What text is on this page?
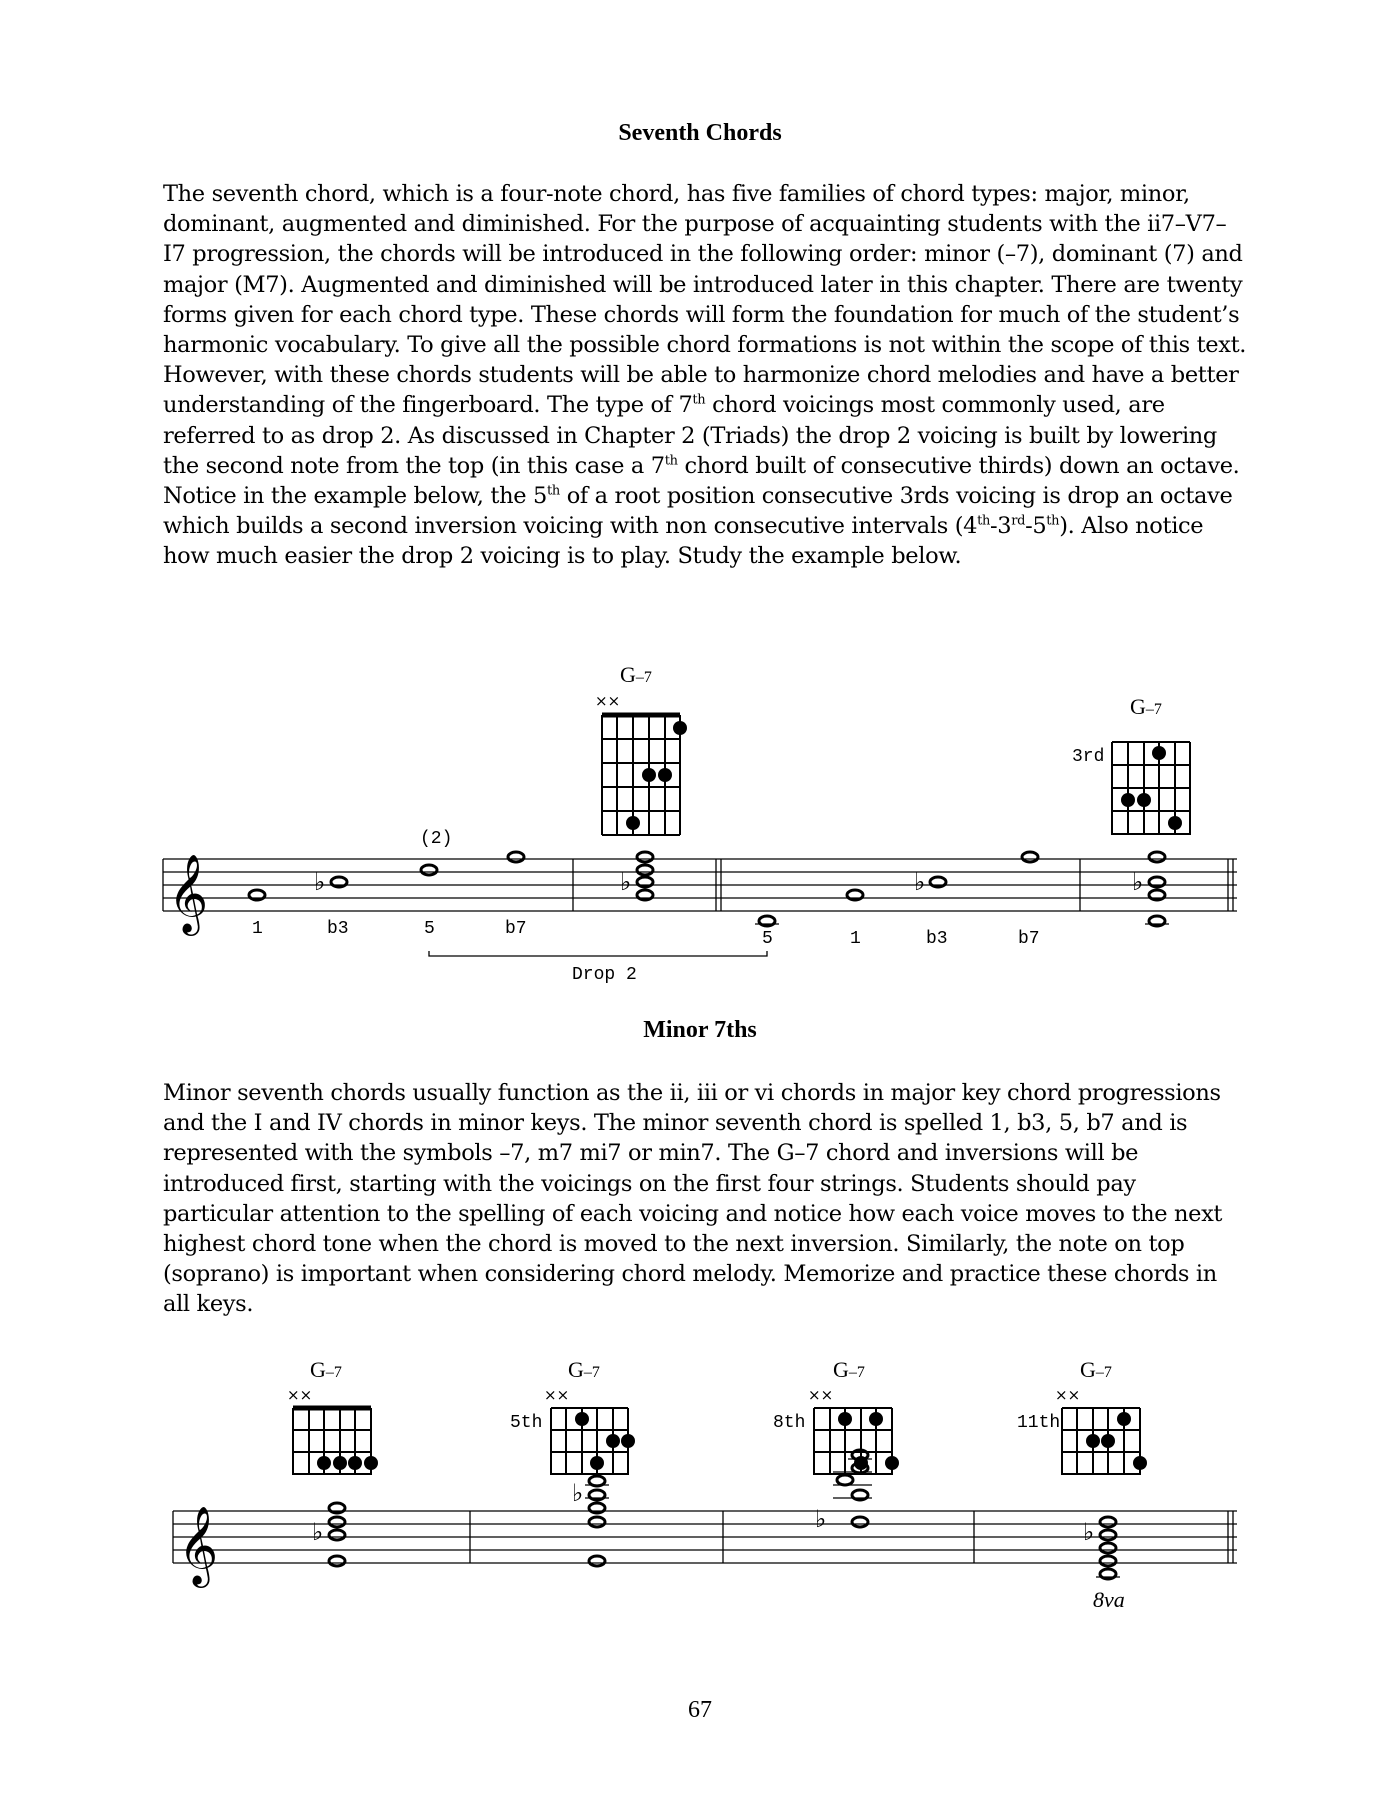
Seventh Chords

The seventh chord, which is a four-note chord, has five families of chord types: major, minor, dominant, augmented and diminished. For the purpose of acquainting students with the ii7–V7–I7 progression, the chords will be introduced in the following order: minor (–7), dominant (7) and major (M7). Augmented and diminished will be introduced later in this chapter. There are twenty forms given for each chord type. These chords will form the foundation for much of the student’s harmonic vocabulary. To give all the possible chord formations is not within the scope of this text. However, with these chords students will be able to harmonize chord melodies and have a better understanding of the fingerboard. The type of 7th chord voicings most commonly used, are referred to as drop 2. As discussed in Chapter 2 (Triads) the drop 2 voicing is built by lowering the second note from the top (in this case a 7th chord built of consecutive thirds) down an octave. Notice in the example below, the 5th of a root position consecutive 3rds voicing is drop an octave which builds a second inversion voicing with non consecutive intervals (4th-3rd-5th). Also notice how much easier the drop 2 voicing is to play. Study the example below.

G–7
××	G–7
3rd
(2)
𝄞	♭	♭	♭	♭
1	b3	5	b7	5	1	b3	b7
Drop 2
Minor 7ths

Minor seventh chords usually function as the ii, iii or vi chords in major key chord progressions and the I and IV chords in minor keys. The minor seventh chord is spelled 1, b3, 5, b7 and is represented with the symbols –7, m7 mi7 or min7. The G–7 chord and inversions will be introduced first, starting with the voicings on the first four strings. Students should pay particular attention to the spelling of each voicing and notice how each voice moves to the next highest chord tone when the chord is moved to the next inversion. Similarly, the note on top (soprano) is important when considering chord melody. Memorize and practice these chords in all keys.

G–7
××
G–7
××
5th
G–7
××
8th
G–7
××
11th
𝄞	♭
♭
♭	♭
8va
67
